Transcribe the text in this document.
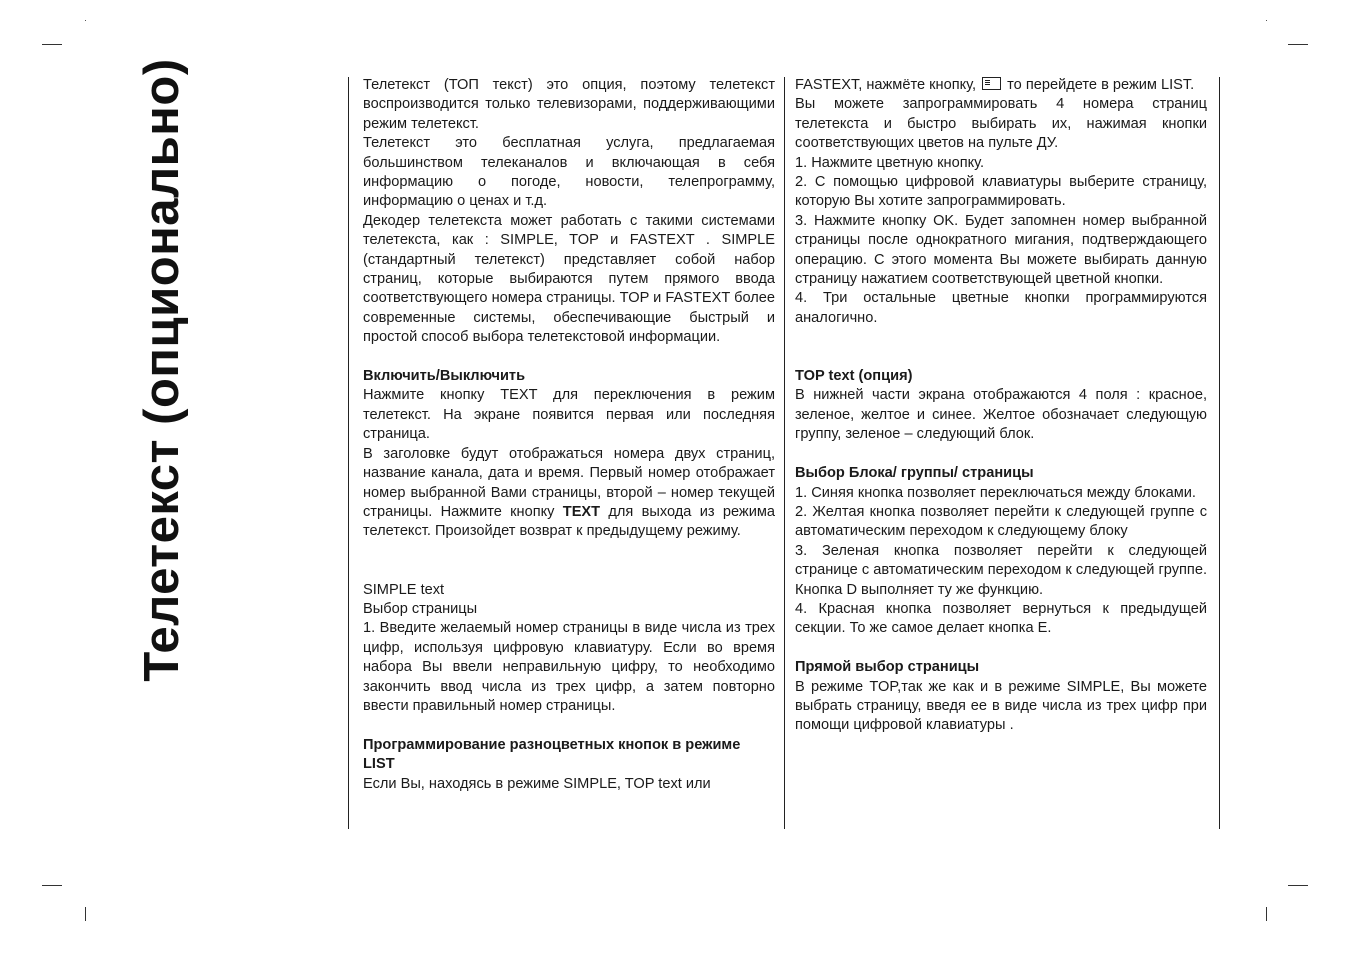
Телетекст (опционально)	Телетекст (ТОП текст) это опция, поэтому телетекст воспроизводится только телевизорами, поддерживающими режим телетекст.

Телетекст это бесплатная услуга, предлагаемая большинством телеканалов и включающая в себя информацию о погоде, новости, телепрограмму, информацию о ценах и т.д.

Декодер телетекста может работать с такими системами телетекста, как : SIMPLE, TOP и FASTEXT . SIMPLE (стандартный телетекст) представляет собой набор страниц, которые выбираются путем прямого ввода соответствующего номера страницы. TOP и FASTEXT более современные системы, обеспечивающие быстрый и простой способ выбора телетекстовой информации.

Включить/Выключить

Нажмите кнопку TEXT для переключения в режим телетекст. На экране появится первая или последняя страница.

В заголовке будут отображаться номера двух страниц, название канала, дата и время. Первый номер отображает номер выбранной Вами страницы, второй – номер текущей страницы. Нажмите кнопку TEXT для выхода из режима телетекст. Произойдет возврат к предыдущему режиму.

SIMPLE text

Выбор страницы

1. Введите желаемый номер страницы в виде числа из трех цифр, используя цифровую клавиатуру. Если во время набора Вы ввели неправильную цифру, то необходимо закончить ввод числа из трех цифр, а затем повторно ввести правильный номер страницы.

Программирование разноцветных кнопок в режиме LIST

Если Вы, находясь в режиме SIMPLE, TOP text или

FASTEXT, нажмёте кнопку,  то перейдете в режим LIST.

Вы можете запрограммировать 4 номера страниц телетекста и быстро выбирать их, нажимая кнопки соответствующих цветов на пульте ДУ.

1. Нажмите цветную кнопку.

2. С помощью цифровой клавиатуры выберите страницу, которую Вы хотите запрограммировать.

3. Нажмите кнопку OK. Будет запомнен номер выбранной страницы после однократного мигания, подтверждающего операцию. С этого момента Вы можете выбирать данную страницу нажатием соответствующей цветной кнопки.

4. Три остальные цветные кнопки программируются аналогично.

TOP text (опция)

В нижней части экрана отображаются 4 поля : красное, зеленое, желтое и синее. Желтое обозначает следующую группу, зеленое – следующий блок.

Выбор Блока/ группы/ страницы

1. Синяя кнопка позволяет переключаться между блоками.

2. Желтая кнопка позволяет перейти к следующей группе с автоматическим переходом к следующему блоку

3. Зеленая кнопка позволяет перейти к следующей странице с автоматическим переходом к следующей группе. Кнопка D выполняет ту же функцию.

4. Красная кнопка позволяет вернуться к предыдущей секции. То же самое делает кнопка E.

Прямой выбор страницы

В режиме TOP,так же как и в режиме SIMPLE, Вы можете выбрать страницу, введя ее в виде числа из трех цифр при помощи цифровой клавиатуры .
